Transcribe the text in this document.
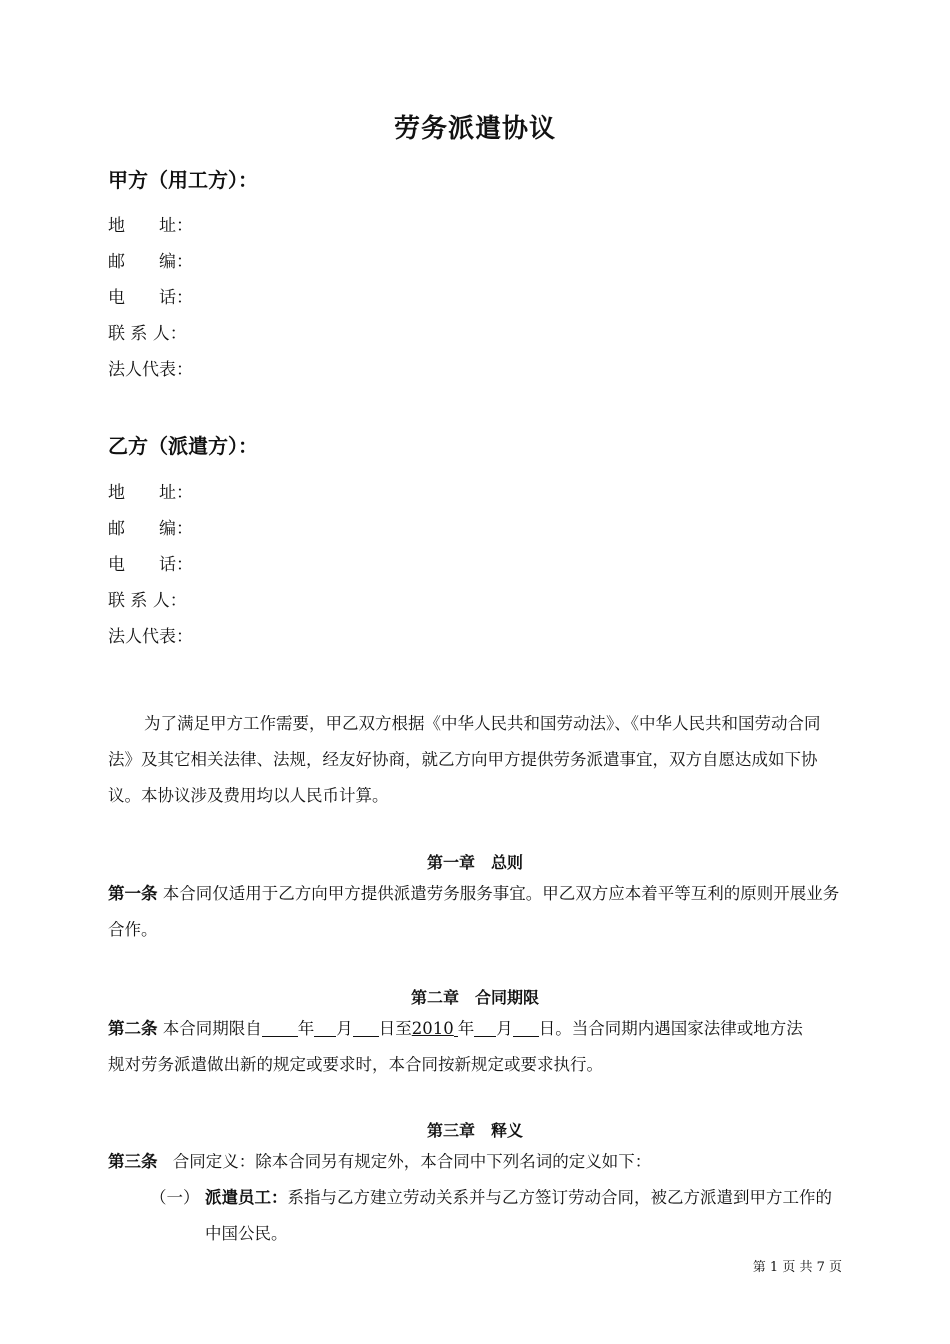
劳务派遣协议
甲方（用工方）：
地　　址：
邮　　编：
电　　话：
联 系 人：
法人代表：
乙方（派遣方）：
地　　址：
邮　　编：
电　　话：
联 系 人：
法人代表：
为了满足甲方工作需要，甲乙双方根据《中华人民共和国劳动法》、《中华人民共和国劳动合同法》及其它相关法律、法规，经友好协商，就乙方向甲方提供劳务派遣事宜，双方自愿达成如下协议。本协议涉及费用均以人民币计算。
第一章　总则
第一条 本合同仅适用于乙方向甲方提供派遣劳务服务事宜。甲乙双方应本着平等互利的原则开展业务合作。
第二章　合同期限
第二条 本合同期限自 年 月 日至2010 年 月 日。当合同期内遇国家法律或地方法
规对劳务派遣做出新的规定或要求时，本合同按新规定或要求执行。
第三章　释义
第三条 合同定义：除本合同另有规定外，本合同中下列名词的定义如下：
（一） 派遣员工：系指与乙方建立劳动关系并与乙方签订劳动合同，被乙方派遣到甲方工作的中国公民。
第 1 页 共 7 页
